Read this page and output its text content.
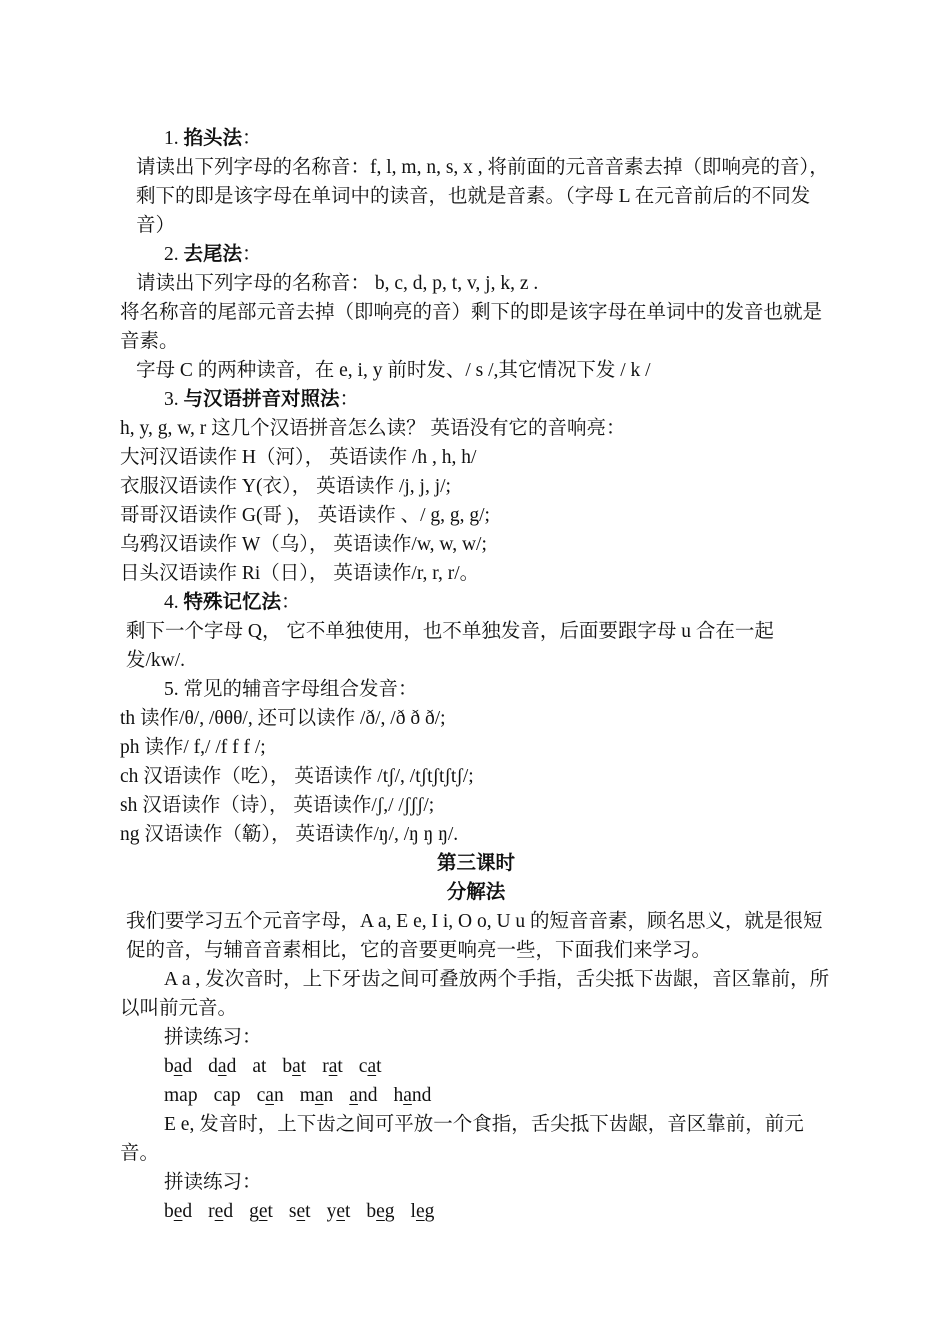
1. 掐头法：
请读出下列字母的名称音：f, l, m, n, s, x , 将前面的元音音素去掉（即响亮的音），剩下的即是该字母在单词中的读音，也就是音素。（字母 L 在元音前后的不同发音）
2. 去尾法：
请读出下列字母的名称音： b, c, d, p, t, v, j, k, z .
将名称音的尾部元音去掉（即响亮的音）剩下的即是该字母在单词中的发音也就是音素。
字母 C 的两种读音，在 e, i, y 前时发、/ s /,其它情况下发 / k /
3. 与汉语拼音对照法：
h, y, g, w, r 这几个汉语拼音怎么读？ 英语没有它的音响亮：
大河汉语读作 H（河）， 英语读作 /h , h, h/
衣服汉语读作 Y(衣）， 英语读作 /j, j, j/;
哥哥汉语读作 G(哥 )， 英语读作 、/ g, g, g/;
乌鸦汉语读作 W（乌）， 英语读作/w, w, w/;
日头汉语读作 Ri（日）， 英语读作/r, r, r/。
4. 特殊记忆法：
剩下一个字母 Q， 它不单独使用，也不单独发音，后面要跟字母 u 合在一起发/kw/.
5. 常见的辅音字母组合发音：
th 读作/θ/, /θθθ/, 还可以读作 /ð/, /ð ð ð/;
ph 读作/ f,/ /f f f /;
ch 汉语读作（吃）， 英语读作 /tʃ/, /tʃtʃtʃtʃ/;
sh 汉语读作（诗）， 英语读作/ʃ,/ /ʃʃʃ/;
ng 汉语读作（簕）， 英语读作/ŋ/, /ŋ ŋ ŋ/.
第三课时
分解法
我们要学习五个元音字母，A a, E e, I i, O o, U u 的短音音素，顾名思义，就是很短促的音，与辅音音素相比，它的音要更响亮一些，下面我们来学习。
A a , 发次音时，上下牙齿之间可叠放两个手指，舌尖抵下齿龈，音区靠前，所以叫前元音。
拼读练习：
bad dad at bat rat cat
map cap can man and hand
E e, 发音时，上下齿之间可平放一个食指，舌尖抵下齿龈，音区靠前，前元音。
拼读练习：
bed red get set yet beg leg
